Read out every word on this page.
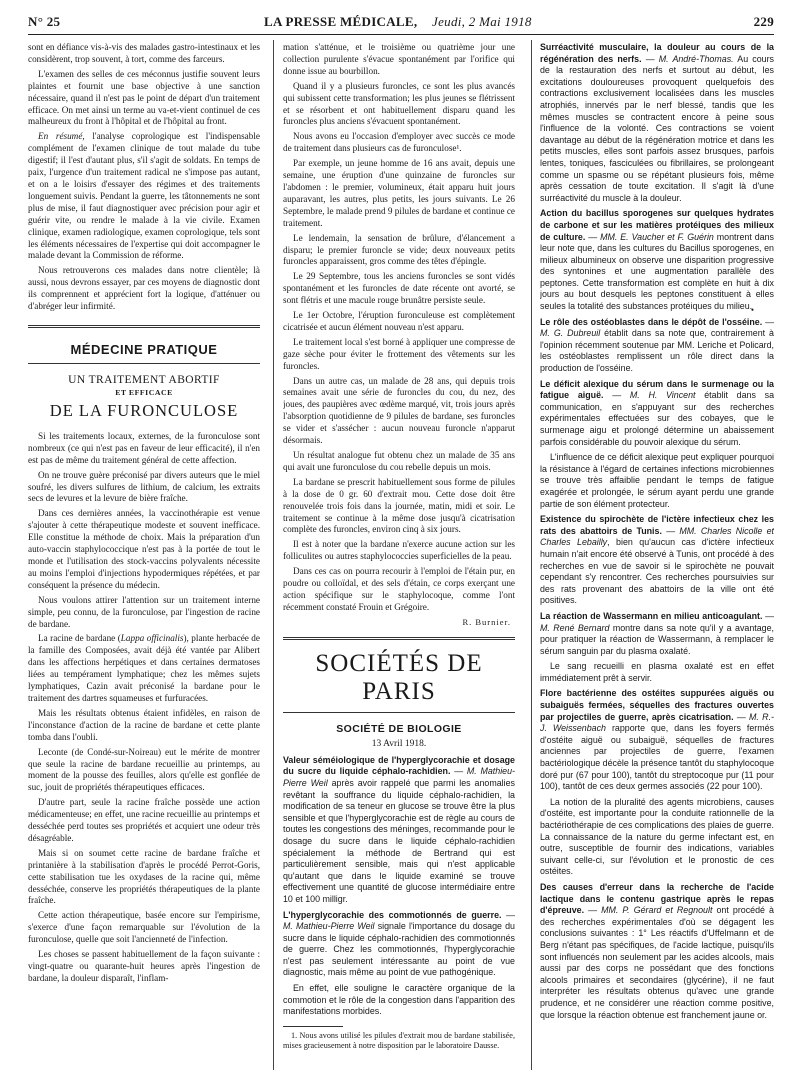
N° 25	LA PRESSE MÉDICALE, Jeudi, 2 Mai 1918	229

sont en défiance vis-à-vis des malades gastro-intestinaux et les considèrent, trop souvent, à tort, comme des farceurs.

L'examen des selles de ces méconnus justifie souvent leurs plaintes et fournit une base objective à une sanction nécessaire, quand il n'est pas le point de départ d'un traitement efficace. On met ainsi un terme au va-et-vient continuel de ces malheureux du front à l'hôpital et de l'hôpital au front.

En résumé, l'analyse coprologique est l'indispensable complément de l'examen clinique de tout malade du tube digestif; il l'est d'autant plus, s'il s'agit de soldats. En temps de paix, l'urgence d'un traitement radical ne s'impose pas autant, et on a le loisirs d'essayer des régimes et des traitements longuement suivis. Pendant la guerre, les tâtonnements ne sont plus de mise, il faut diagnostiquer avec précision pour agir et guérir vite, ou rendre le malade à la vie civile. Examen clinique, examen radiologique, examen coprologique, tels sont les éléments nécessaires de l'expertise qui doit accompagner le malade devant la Commission de réforme.

Nous retrouverons ces malades dans notre clientèle; là aussi, nous devrons essayer, par ces moyens de diagnostic dont ils comprennent et apprécient fort la logique, d'atténuer ou d'abréger leur infirmité.

MÉDECINE PRATIQUE
UN TRAITEMENT ABORTIF
ET EFFICACE
DE LA FURONCULOSE

Si les traitements locaux, externes, de la furonculose sont nombreux (ce qui n'est pas en faveur de leur efficacité), il n'en est pas de même du traitement général de cette affection.

On ne trouve guère préconisé par divers auteurs que le miel soufré, les divers sulfures de lithium, de calcium, les extraits secs de levures et la levure de bière fraîche.

Dans ces dernières années, la vaccinothérapie est venue s'ajouter à cette thérapeutique modeste et souvent inefficace. Elle constitue la méthode de choix. Mais la préparation d'un auto-vaccin staphylococcique n'est pas à la portée de tout le monde et l'utilisation des stock-vaccins polyvalents nécessite au moins l'emploi d'injections hypodermiques répétées, et par conséquent la présence du médecin.

Nous voulons attirer l'attention sur un traitement interne simple, peu connu, de la furonculose, par l'ingestion de racine de bardane.

La racine de bardane (Lappa officinalis), plante herbacée de la famille des Composées, avait déjà été vantée par Alibert dans les affections herpétiques et dans certaines dermatoses liées au tempérament lymphatique; chez les mêmes sujets lymphatiques, Cazin avait préconisé la bardane pour le traitement des dartres squameuses et furfuracées.

Mais les résultats obtenus étaient infidèles, en raison de l'inconstance d'action de la racine de bardane et cette plante tomba dans l'oubli.

Leconte (de Condé-sur-Noireau) eut le mérite de montrer que seule la racine de bardane recueillie au printemps, au moment de la pousse des feuilles, alors qu'elle est gonflée de suc, jouit de propriétés thérapeutiques efficaces.

D'autre part, seule la racine fraîche possède une action médicamenteuse; en effet, une racine recueillie au printemps et desséchée perd toutes ses propriétés et acquiert une odeur très désagréable.

Mais si on soumet cette racine de bardane fraîche et printanière à la stabilisation d'après le procédé Perrot-Goris, cette stabilisation tue les oxydases de la racine qui, même desséchée, conserve les propriétés thérapeutiques de la plante fraîche.

Cette action thérapeutique, basée encore sur l'empirisme, s'exerce d'une façon remarquable sur l'évolution de la furonculose, quelle que soit l'ancienneté de l'infection.

Les choses se passent habituellement de la façon suivante : vingt-quatre ou quarante-huit heures après l'ingestion de bardane, la douleur disparaît, l'inflam-

mation s'atténue, et le troisième ou quatrième jour une collection purulente s'évacue spontanément par l'orifice qui donne issue au bourbillon.

Quand il y a plusieurs furoncles, ce sont les plus avancés qui subissent cette transformation; les plus jeunes se flétrissent et se résorbent et ont habituellement disparu quand les furoncles plus anciens s'évacuent spontanément.

Nous avons eu l'occasion d'employer avec succès ce mode de traitement dans plusieurs cas de furonculose¹.

Par exemple, un jeune homme de 16 ans avait, depuis une semaine, une éruption d'une quinzaine de furoncles sur l'abdomen : le premier, volumineux, était apparu huit jours auparavant, les autres, plus petits, les jours suivants. Le 26 Septembre, le malade prend 9 pilules de bardane et continue ce traitement.

Le lendemain, la sensation de brûlure, d'élancement a disparu; le premier furoncle se vide; deux nouveaux petits furoncles apparaissent, gros comme des têtes d'épingle.

Le 29 Septembre, tous les anciens furoncles se sont vidés spontanément et les furoncles de date récente ont avorté, se sont flétris et une macule rouge brunâtre persiste seule.

Le 1er Octobre, l'éruption furonculeuse est complètement cicatrisée et aucun élément nouveau n'est apparu.

Le traitement local s'est borné à appliquer une compresse de gaze sèche pour éviter le frottement des vêtements sur les furoncles.

Dans un autre cas, un malade de 28 ans, qui depuis trois semaines avait une série de furoncles du cou, du nez, des joues, des paupières avec œdème marqué, vit, trois jours après l'absorption quotidienne de 9 pilules de bardane, ses furoncles se vider et s'assécher : aucun nouveau furoncle n'apparut désormais.

Un résultat analogue fut obtenu chez un malade de 35 ans qui avait une furonculose du cou rebelle depuis un mois.

La bardane se prescrit habituellement sous forme de pilules à la dose de 0 gr. 60 d'extrait mou. Cette dose doit être renouvelée trois fois dans la journée, matin, midi et soir. Le traitement se continue à la même dose jusqu'à cicatrisation complète des furoncles, environ cinq à six jours.

Il est à noter que la bardane n'exerce aucune action sur les folliculites ou autres staphylococcies superficielles de la peau.

Dans ces cas on pourra recourir à l'emploi de l'étain pur, en poudre ou colloïdal, et des sels d'étain, ce corps exerçant une action spécifique sur le staphylocoque, comme l'ont récemment constaté Frouin et Grégoire.

R. Burnier.
SOCIÉTÉS DE PARIS
SOCIÉTÉ DE BIOLOGIE
13 Avril 1918.
Valeur séméiologique de l'hyperglycorachie et dosage du sucre du liquide céphalo-rachidien. — M. Mathieu-Pierre Weil après avoir rappelé que parmi les anomalies revêtant la souffrance du liquide céphalo-rachidien, la modification de sa teneur en glucose se trouve être la plus sensible et que l'hyperglycorachie est de règle au cours de toutes les congestions des méninges, recommande pour le dosage du sucre dans le liquide céphalo-rachidien spécialement la méthode de Bertrand qui est particulièrement sensible, mais qui n'est applicable qu'autant que dans le liquide examiné se trouve effectivement une quantité de glucose intermédiaire entre 10 et 100 milligr.
L'hyperglycorachie des commotionnés de guerre. — M. Mathieu-Pierre Weil signale l'importance du dosage du sucre dans le liquide céphalo-rachidien des commotionnés de guerre. Chez les commotionnés, l'hyperglycorachie n'est pas seulement intéressante au point de vue diagnostic, mais même au point de vue pathogénique.
En effet, elle souligne le caractère organique de la commotion et le rôle de la congestion dans l'apparition des manifestations morbides.
1. Nous avons utilisé les pilules d'extrait mou de bardane stabilisée, mises gracieusement à notre disposition par le laboratoire Dausse.
Surréactivité musculaire, la douleur au cours de la régénération des nerfs. — M. André-Thomas. Au cours de la restauration des nerfs et surtout au début, les excitations douloureuses provoquent quelquefois des contractions exclusivement localisées dans les muscles atrophiés, innervés par le nerf blessé, tandis que les mêmes muscles se contractent encore à peine sous l'influence de la volonté. Ces contractions se voient davantage au début de la régénération motrice et dans les petits muscles, elles sont parfois assez brusques, parfois lentes, toniques, fasciculées ou fibrillaires, se prolongeant comme un spasme ou se répétant plusieurs fois, même après cessation de toute excitation. Il s'agit là d'une surréactivité du muscle à la douleur.
Action du bacillus sporogenes sur quelques hydrates de carbone et sur les matières protéiques des milieux de culture. — MM. E. Vaucher et F. Guérin montrent dans leur note que, dans les cultures du Bacillus sporogenes, en milieux albumineux on observe une disparition progressive des syntonines et une augmentation parallèle des peptones. Cette transformation est complète en huit à dix jours au bout desquels les peptones constituent à elles seules la totalité des substances protéiques du milieu.
•
Le rôle des ostéoblastes dans le dépôt de l'osséine. — M. G. Dubreuil établit dans sa note que, contrairement à l'opinion récemment soutenue par MM. Leriche et Policard, les ostéoblastes remplissent un rôle direct dans la production de l'osséine.
Le déficit alexique du sérum dans le surmenage ou la fatigue aiguë. — M. H. Vincent établit dans sa communication, en s'appuyant sur des recherches expérimentales effectuées sur des cobayes, que le surmenage aigu et prolongé détermine un abaissement parfois considérable du pouvoir alexique du sérum.
L'influence de ce déficit alexique peut expliquer pourquoi la résistance à l'égard de certaines infections microbiennes se trouve très affaiblie pendant le temps de fatigue exagérée et prolongée, le sérum ayant perdu une grande partie de son élément protecteur.
Existence du spirochète de l'ictère infectieux chez les rats des abattoirs de Tunis. — MM. Charles Nicolle et Charles Lebailly, bien qu'aucun cas d'ictère infectieux humain n'ait encore été observé à Tunis, ont procédé à des recherches en vue de savoir si le spirochète ne pouvait cependant s'y rencontrer. Ces recherches poursuivies sur des rats provenant des abattoirs de la ville ont été positives.
La réaction de Wassermann en milieu anticoagulant. — M. René Bernard montre dans sa note qu'il y a avantage, pour pratiquer la réaction de Wassermann, à remplacer le sérum sanguin par du plasma oxalaté.
Le sang recueilli en plasma oxalaté est en effet immédiatement prêt à servir.
Flore bactérienne des ostéites suppurées aiguës ou subaiguës fermées, séquelles des fractures ouvertes par projectiles de guerre, après cicatrisation. — M. R.-J. Weissenbach rapporte que, dans les foyers fermés d'ostéite aiguë ou subaiguë, séquelles de fractures anciennes par projectiles de guerre, l'examen bactériologique décèle la présence tantôt du staphylocoque doré pur (67 pour 100), tantôt du streptocoque pur (11 pour 100), tantôt de ces deux germes associés (22 pour 100).
La notion de la pluralité des agents microbiens, causes d'ostéite, est importante pour la conduite rationnelle de la bactériothérapie de ces complications des plaies de guerre. La connaissance de la nature du germe infectant est, en outre, susceptible de fournir des indications, variables suivant celle-ci, sur l'évolution et le pronostic de ces ostéites.
Des causes d'erreur dans la recherche de l'acide lactique dans le contenu gastrique après le repas d'épreuve. — MM. P. Gérard et Regnoult ont procédé à des recherches expérimentales d'où se dégagent les conclusions suivantes : 1° Les réactifs d'Uffelmann et de Berg n'étant pas spécifiques, de l'acide lactique, puisqu'ils sont influencés non seulement par les acides alcools, mais aussi par des corps ne possédant que des fonctions alcools primaires et secondaires (glycérine), il ne faut interpréter les résultats obtenus qu'avec une grande prudence, et ne considérer une réaction comme positive, que lorsque la réaction obtenue est franchement jaune or.
